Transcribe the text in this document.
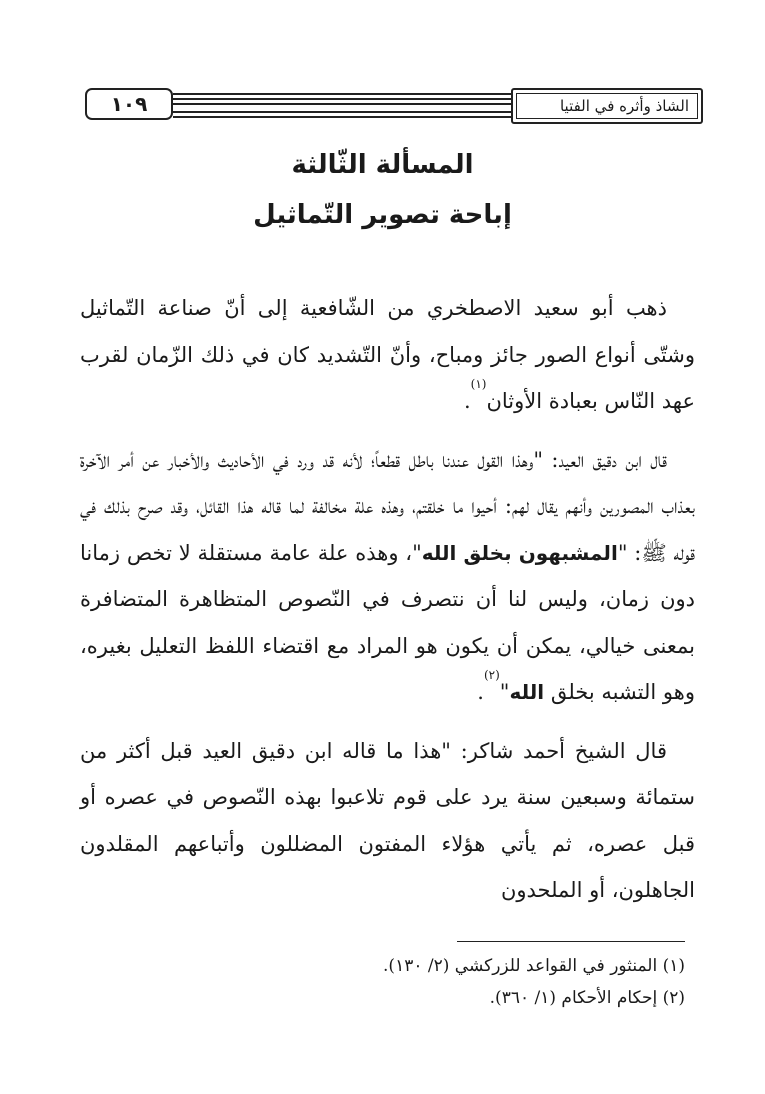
١٠٩	الشاذ وأثره في الفتيا
المسألة الثّالثة
إباحة تصوير التّماثيل

ذهب أبو سعيد الاصطخري من الشّافعية إلى أنّ صناعة التّماثيل وشتّى أنواع الصور جائز ومباح، وأنّ التّشديد كان في ذلك الزّمان لقرب عهد النّاس بعبادة الأوثان$^{(١)}$.

قال ابن دقيق العيد: "وهذا القول عندنا باطل قطعاً؛ لأنه قد ورد في الأحاديث والأخبار عن أمر الآخرة بعذاب المصورين وأنهم يقال لهم: أحيوا ما خلقتم، وهذه علة مخالفة لما قاله هذا القائل، وقد صرح بذلك في قوله ﷺ: "المشبهون بخلق الله"، وهذه علة عامة مستقلة لا تخص زمانا دون زمان، وليس لنا أن نتصرف في النّصوص المتظاهرة المتضافرة بمعنى خيالي، يمكن أن يكون هو المراد مع اقتضاء اللفظ التعليل بغيره، وهو التشبه بخلق الله"$^{(٢)}$.

قال الشيخ أحمد شاكر: "هذا ما قاله ابن دقيق العيد قبل أكثر من ستمائة وسبعين سنة يرد على قوم تلاعبوا بهذه النّصوص في عصره أو قبل عصره، ثم يأتي هؤلاء المفتون المضللون وأتباعهم المقلدون الجاهلون، أو الملحدون

(١) المنثور في القواعد للزركشي (٢/ ١٣٠).
(٢) إحكام الأحكام (١/ ٣٦٠).
